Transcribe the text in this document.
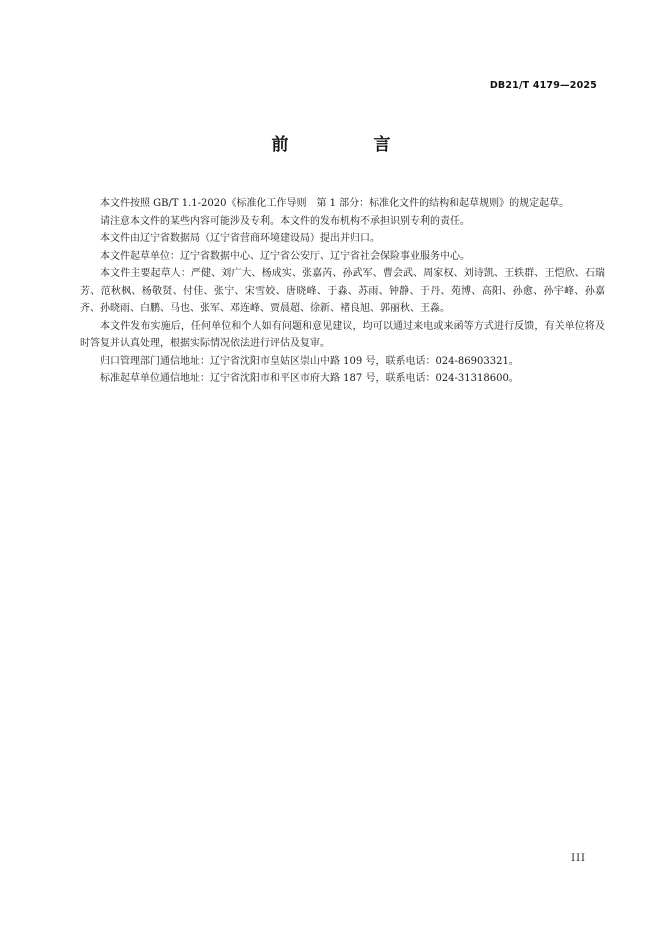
DB21/T 4179—2025
前　言

本文件按照 GB/T 1.1-2020《标准化工作导则　第 1 部分：标准化文件的结构和起草规则》的规定起草。

请注意本文件的某些内容可能涉及专利。本文件的发布机构不承担识别专利的责任。

本文件由辽宁省数据局（辽宁省营商环境建设局）提出并归口。

本文件起草单位：辽宁省数据中心、辽宁省公安厅、辽宁省社会保险事业服务中心。

本文件主要起草人：严健、刘广大、杨成实、张嘉芮、孙武军、曹会武、周家权、刘诗凯、王轶群、王恺欣、石瑞芳、范秋枫、杨敬贤、付佳、张宁、宋雪姣、唐晓峰、于淼、苏雨、钟静、于丹、苑博、高阳、孙愈、孙宇峰、孙嘉齐、孙晓雨、白鹏、马也、张军、邓连峰、贾晨超、徐新、褚良旭、郭丽秋、王淼。

本文件发布实施后，任何单位和个人如有问题和意见建议，均可以通过来电或来函等方式进行反馈，有关单位将及时答复并认真处理，根据实际情况依法进行评估及复审。

归口管理部门通信地址：辽宁省沈阳市皇姑区崇山中路 109 号，联系电话：024-86903321。

标准起草单位通信地址：辽宁省沈阳市和平区市府大路 187 号，联系电话：024-31318600。

III
